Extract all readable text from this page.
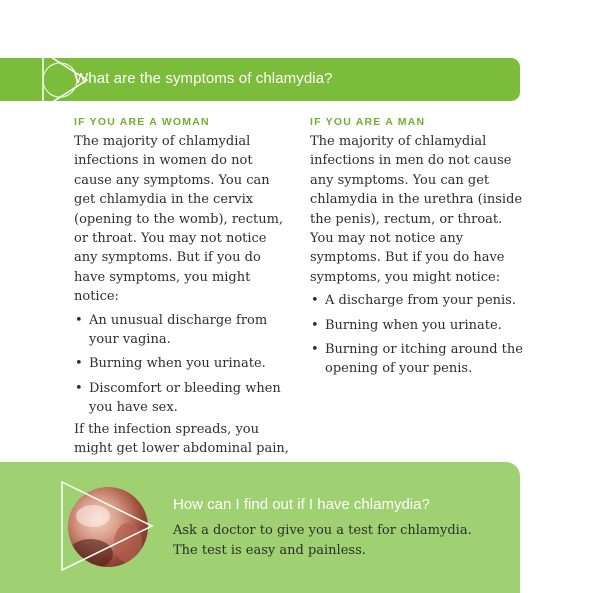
What are the symptoms of chlamydia?
IF YOU ARE A WOMAN

The majority of chlamydial infections in women do not cause any symptoms. You can get chlamydia in the cervix (opening to the womb), rectum, or throat. You may not notice any symptoms. But if you do have symptoms, you might notice:

• An unusual discharge from your vagina.
• Burning when you urinate.
• Discomfort or bleeding when you have sex.

If the infection spreads, you might get lower abdominal pain,

IF YOU ARE A MAN

The majority of chlamydial infections in men do not cause any symptoms. You can get chlamydia in the urethra (inside the penis), rectum, or throat. You may not notice any symptoms. But if you do have symptoms, you might notice:

• A discharge from your penis.
• Burning when you urinate.
• Burning or itching around the opening of your penis.
How can I find out if I have chlamydia?
Ask a doctor to give you a test for chlamydia. The test is easy and painless.
